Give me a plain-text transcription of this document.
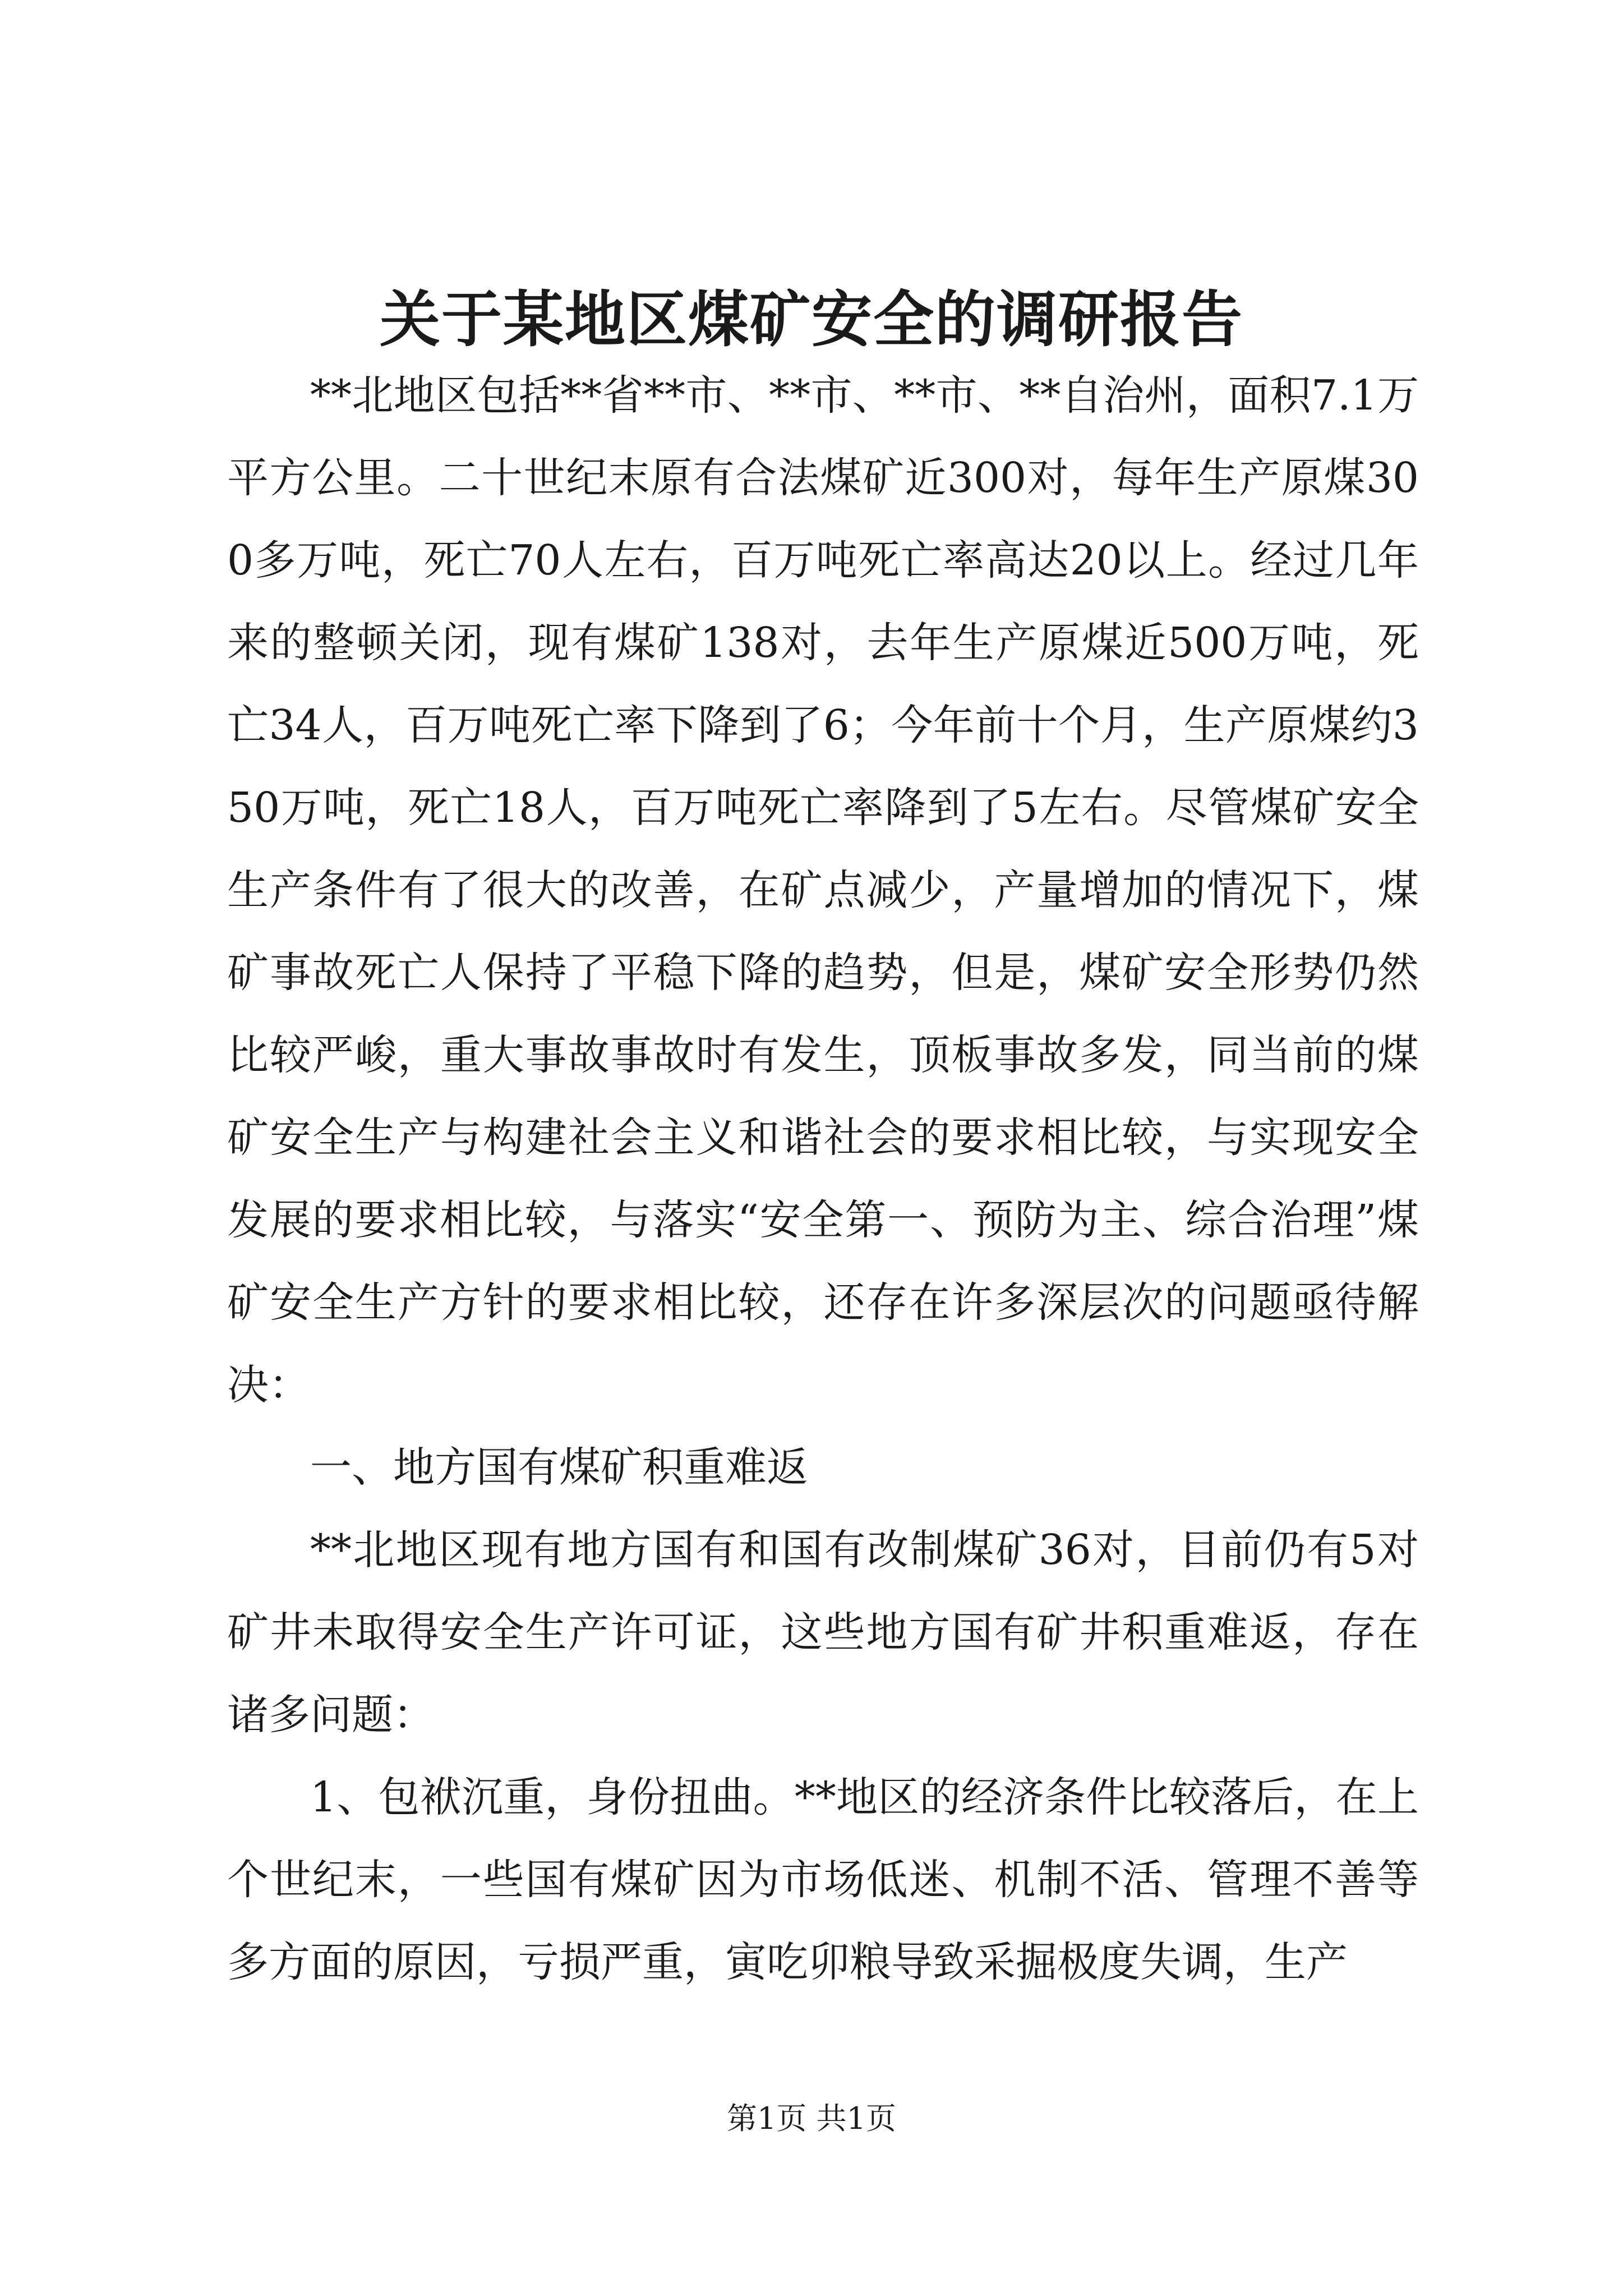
关于某地区煤矿安全的调研报告

**北地区包括**省**市、**市、**市、**自治州，面积7.1万平方公里。二十世纪末原有合法煤矿近300对，每年生产原煤300多万吨，死亡70人左右，百万吨死亡率高达20以上。经过几年来的整顿关闭，现有煤矿138对，去年生产原煤近500万吨，死亡34人，百万吨死亡率下降到了6；今年前十个月，生产原煤约350万吨，死亡18人，百万吨死亡率降到了5左右。尽管煤矿安全生产条件有了很大的改善，在矿点减少，产量增加的情况下，煤矿事故死亡人保持了平稳下降的趋势，但是，煤矿安全形势仍然比较严峻，重大事故事故时有发生，顶板事故多发，同当前的煤矿安全生产与构建社会主义和谐社会的要求相比较，与实现安全发展的要求相比较，与落实“安全第一、预防为主、综合治理”煤矿安全生产方针的要求相比较，还存在许多深层次的问题亟待解决：

一、地方国有煤矿积重难返

**北地区现有地方国有和国有改制煤矿36对，目前仍有5对矿井未取得安全生产许可证，这些地方国有矿井积重难返，存在诸多问题：

1、包袱沉重，身份扭曲。**地区的经济条件比较落后，在上个世纪末，一些国有煤矿因为市场低迷、机制不活、管理不善等多方面的原因，亏损严重，寅吃卯粮导致采掘极度失调，生产

第1页 共1页
